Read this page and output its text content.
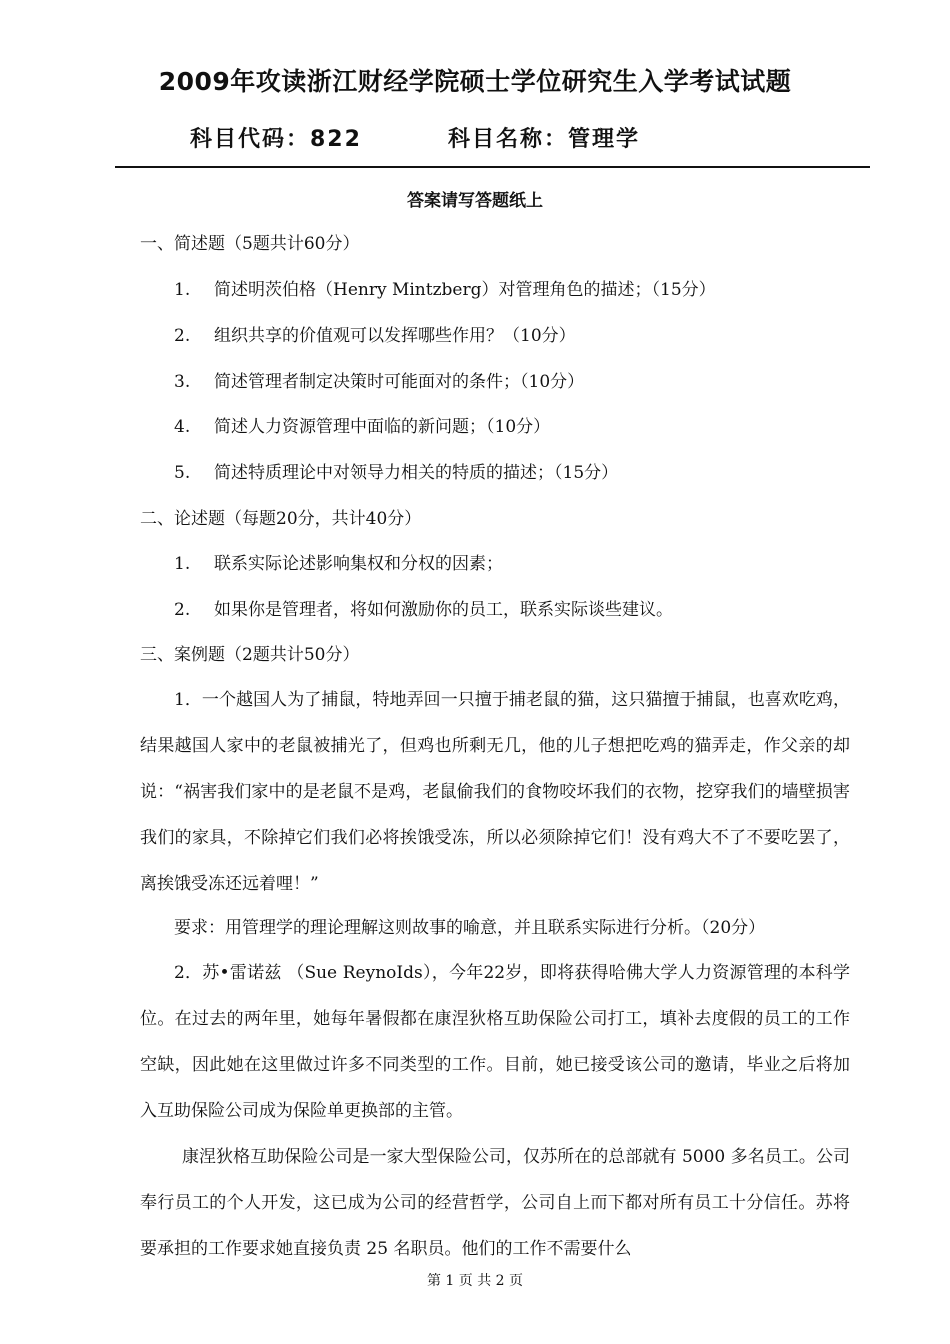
2009年攻读浙江财经学院硕士学位研究生入学考试试题
科目代码：822	科目名称：管理学
答案请写答题纸上
一、简述题（5题共计60分）
1. 简述明茨伯格（Henry Mintzberg）对管理角色的描述；（15分）
2. 组织共享的价值观可以发挥哪些作用？（10分）
3. 简述管理者制定决策时可能面对的条件；（10分）
4. 简述人力资源管理中面临的新问题；（10分）
5. 简述特质理论中对领导力相关的特质的描述；（15分）
二、论述题（每题20分，共计40分）
1. 联系实际论述影响集权和分权的因素；
2. 如果你是管理者，将如何激励你的员工，联系实际谈些建议。
三、案例题（2题共计50分）
1．一个越国人为了捕鼠，特地弄回一只擅于捕老鼠的猫，这只猫擅于捕鼠，也喜欢吃鸡，结果越国人家中的老鼠被捕光了，但鸡也所剩无几，他的儿子想把吃鸡的猫弄走，作父亲的却说：“祸害我们家中的是老鼠不是鸡，老鼠偷我们的食物咬坏我们的衣物，挖穿我们的墙壁损害我们的家具，不除掉它们我们必将挨饿受冻，所以必须除掉它们！没有鸡大不了不要吃罢了，离挨饿受冻还远着哩！”
要求：用管理学的理论理解这则故事的喻意，并且联系实际进行分析。（20分）
2．苏•雷诺兹 （Sue ReynoIds），今年22岁，即将获得哈佛大学人力资源管理的本科学位。在过去的两年里，她每年暑假都在康涅狄格互助保险公司打工，填补去度假的员工的工作空缺，因此她在这里做过许多不同类型的工作。目前，她已接受该公司的邀请，毕业之后将加入互助保险公司成为保险单更换部的主管。
康涅狄格互助保险公司是一家大型保险公司，仅苏所在的总部就有 5000 多名员工。公司奉行员工的个人开发，这已成为公司的经营哲学，公司自上而下都对所有员工十分信任。苏将要承担的工作要求她直接负责 25 名职员。他们的工作不需要什么
第 1 页 共 2 页
